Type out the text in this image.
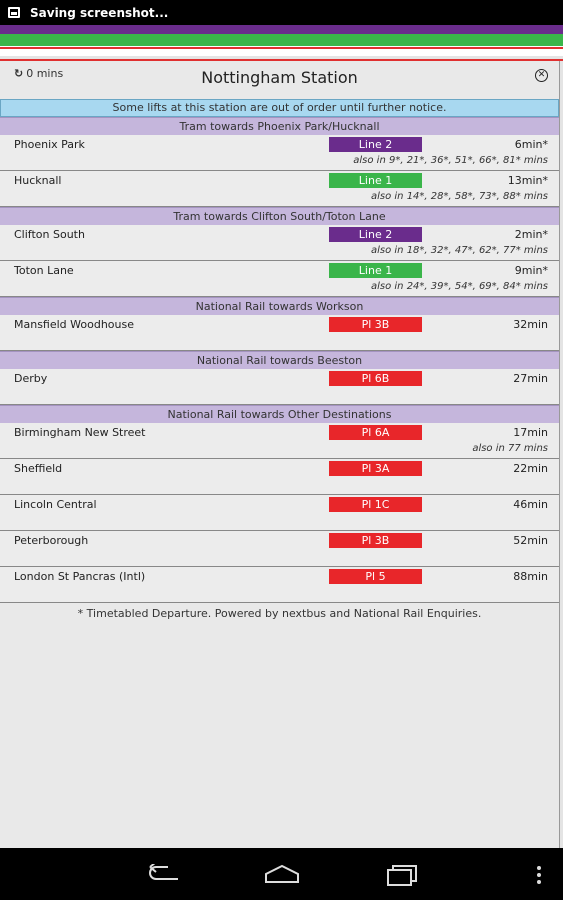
Saving screenshot...
↻ 0 mins	Nottingham Station	✕
Some lifts at this station are out of order until further notice.
Tram towards Phoenix Park/Hucknall
Phoenix Park	Line 2	6min*
also in 9*, 21*, 36*, 51*, 66*, 81* mins
Hucknall	Line 1	13min*
also in 14*, 28*, 58*, 73*, 88* mins
Tram towards Clifton South/Toton Lane
Clifton South	Line 2	2min*
also in 18*, 32*, 47*, 62*, 77* mins
Toton Lane	Line 1	9min*
also in 24*, 39*, 54*, 69*, 84* mins
National Rail towards Workson
Mansfield Woodhouse	Pl 3B	32min
National Rail towards Beeston
Derby	Pl 6B	27min
National Rail towards Other Destinations
Birmingham New Street	Pl 6A	17min
also in 77 mins
Sheffield	Pl 3A	22min
Lincoln Central	Pl 1C	46min
Peterborough	Pl 3B	52min
London St Pancras (Intl)	Pl 5	88min
* Timetabled Departure. Powered by nextbus and National Rail Enquiries.
